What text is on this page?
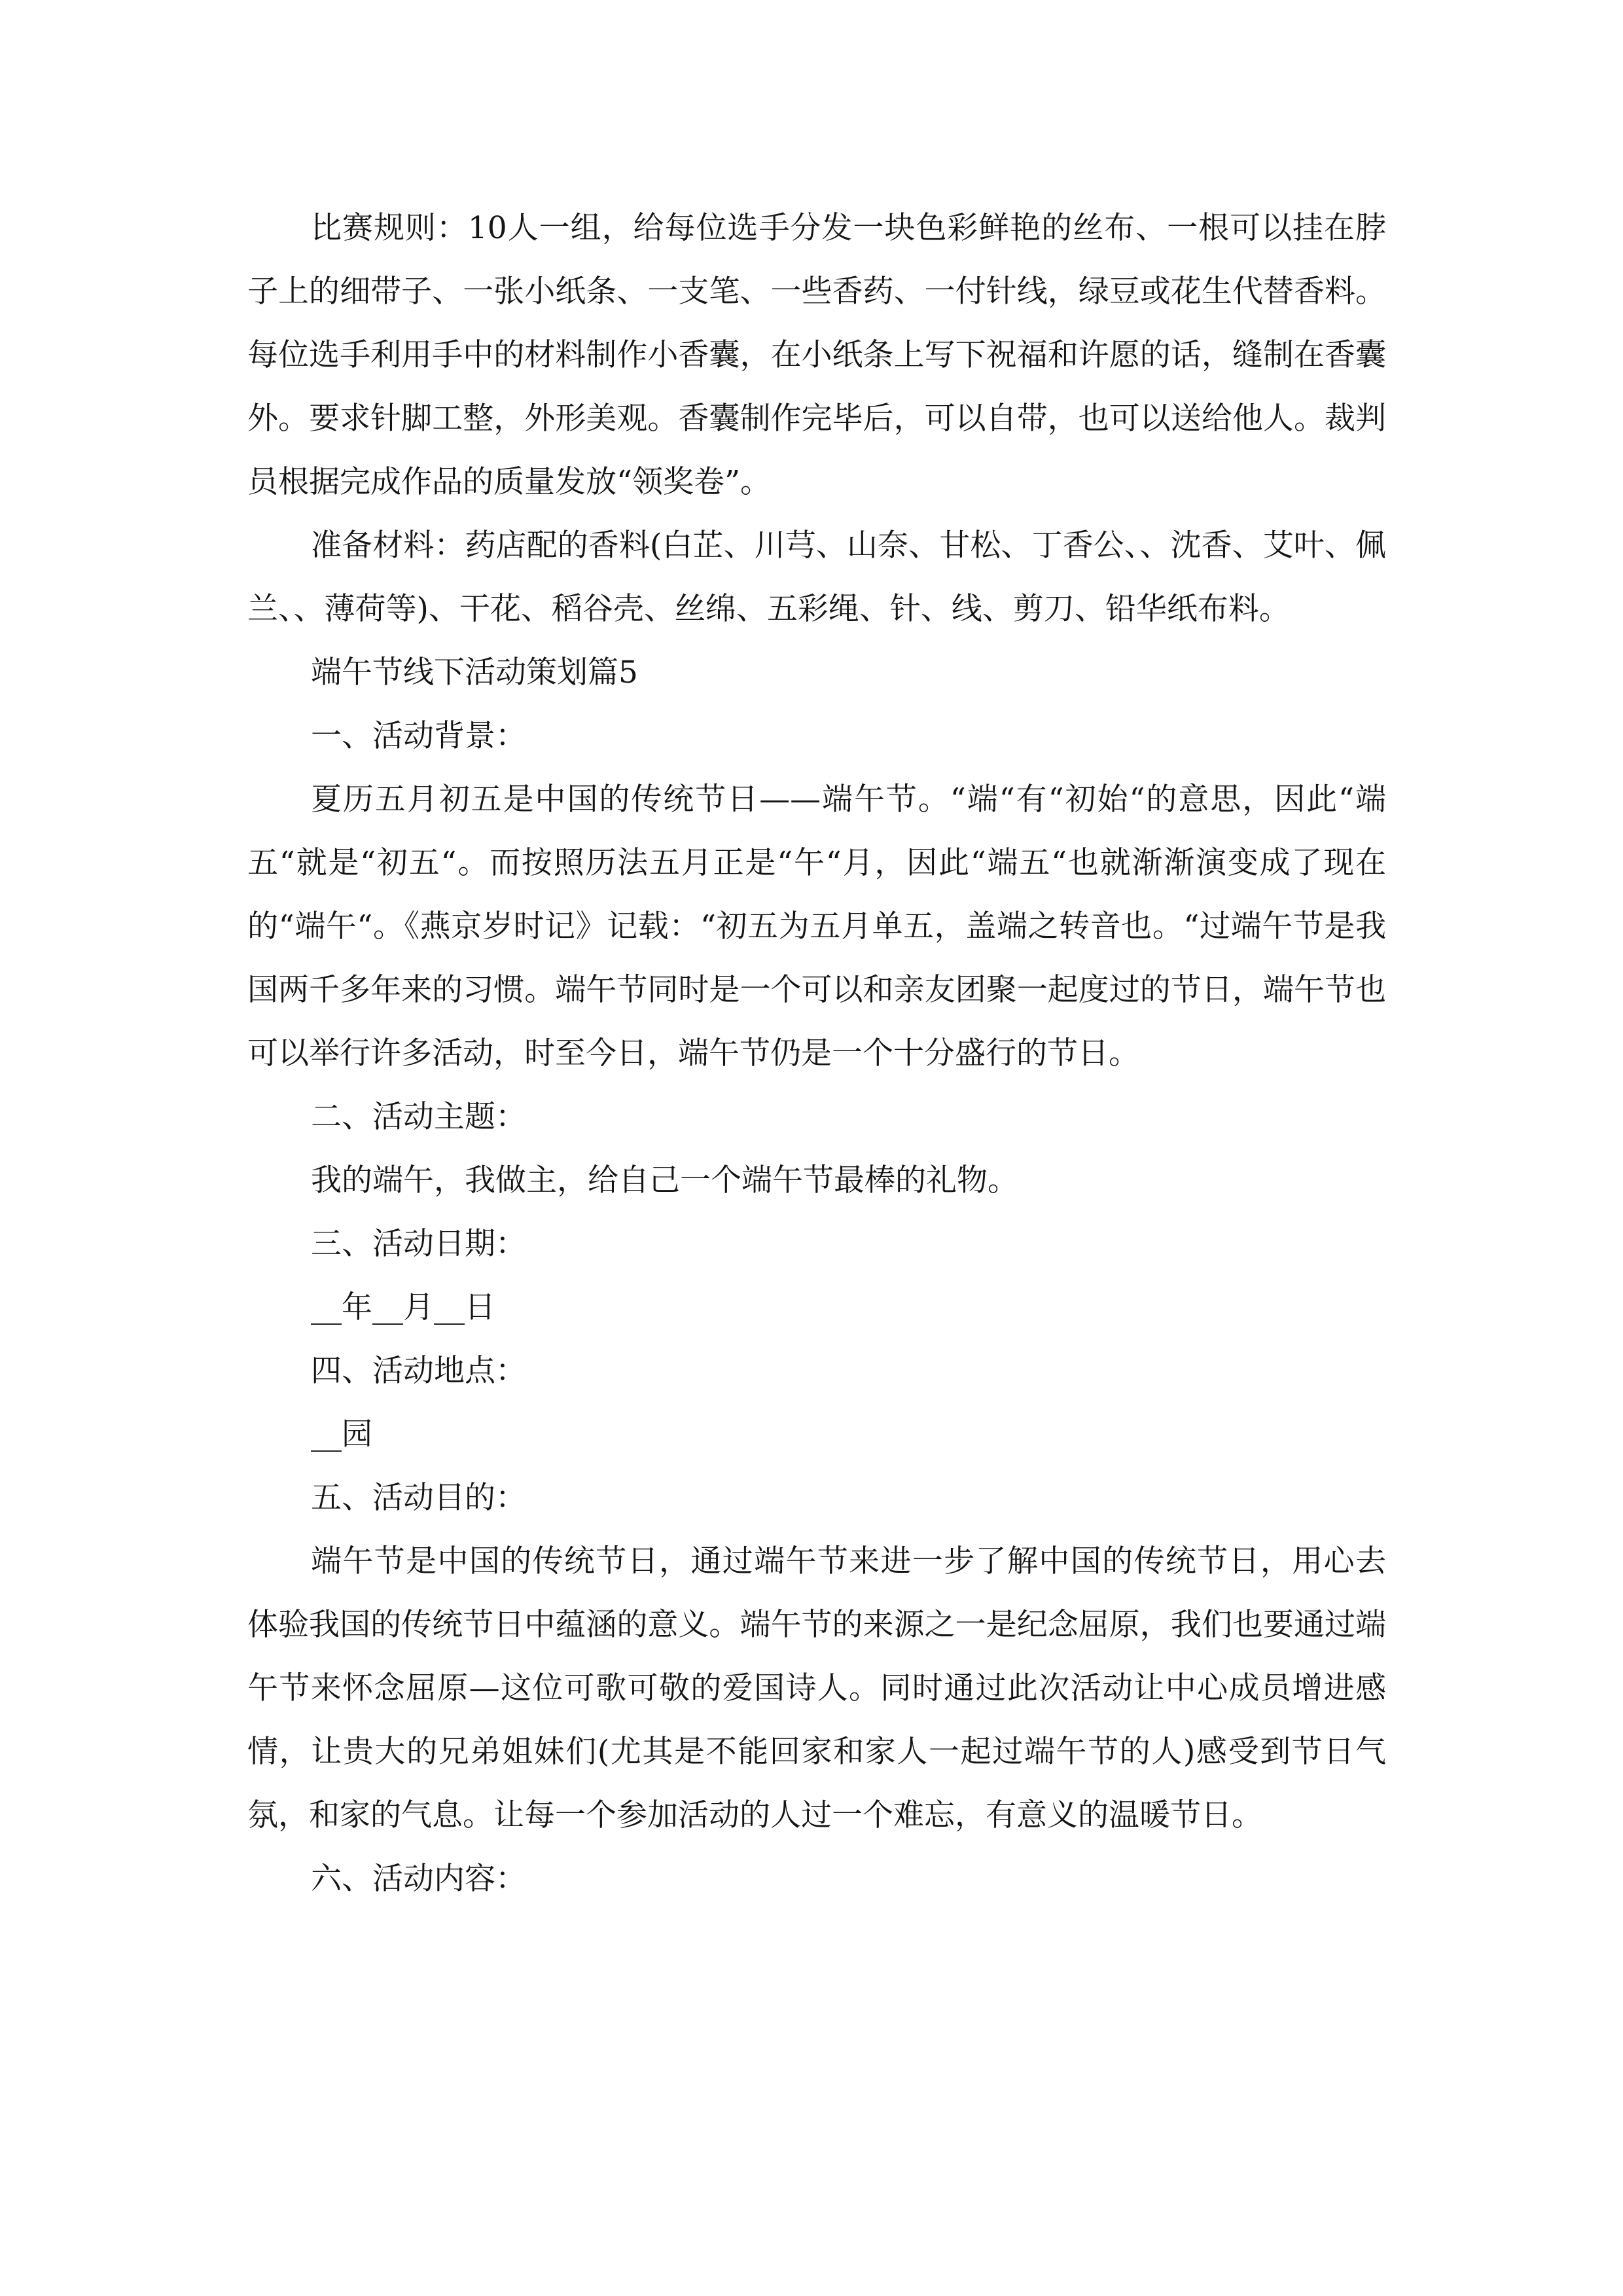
比赛规则：10人一组，给每位选手分发一块色彩鲜艳的丝布、一根可以挂在脖子上的细带子、一张小纸条、一支笔、一些香药、一付针线，绿豆或花生代替香料。每位选手利用手中的材料制作小香囊，在小纸条上写下祝福和许愿的话，缝制在香囊外。要求针脚工整，外形美观。香囊制作完毕后，可以自带，也可以送给他人。裁判员根据完成作品的质量发放“领奖卷”。

准备材料：药店配的香料(白芷、川芎、山奈、甘松、丁香公、、沈香、艾叶、佩兰、、薄荷等)、干花、稻谷壳、丝绵、五彩绳、针、线、剪刀、铅华纸布料。

端午节线下活动策划篇5

一、活动背景：

夏历五月初五是中国的传统节日——端午节。“端“有“初始“的意思，因此“端五“就是“初五“。而按照历法五月正是“午“月，因此“端五“也就渐渐演变成了现在的“端午“。《燕京岁时记》记载：“初五为五月单五，盖端之转音也。“过端午节是我国两千多年来的习惯。端午节同时是一个可以和亲友团聚一起度过的节日，端午节也可以举行许多活动，时至今日，端午节仍是一个十分盛行的节日。

二、活动主题：

我的端午，我做主，给自己一个端午节最棒的礼物。

三、活动日期：

__年__月__日

四、活动地点：

__园

五、活动目的：

端午节是中国的传统节日，通过端午节来进一步了解中国的传统节日，用心去体验我国的传统节日中蕴涵的意义。端午节的来源之一是纪念屈原，我们也要通过端午节来怀念屈原—这位可歌可敬的爱国诗人。同时通过此次活动让中心成员增进感情，让贵大的兄弟姐妹们(尤其是不能回家和家人一起过端午节的人)感受到节日气氛，和家的气息。让每一个参加活动的人过一个难忘，有意义的温暖节日。

六、活动内容：
